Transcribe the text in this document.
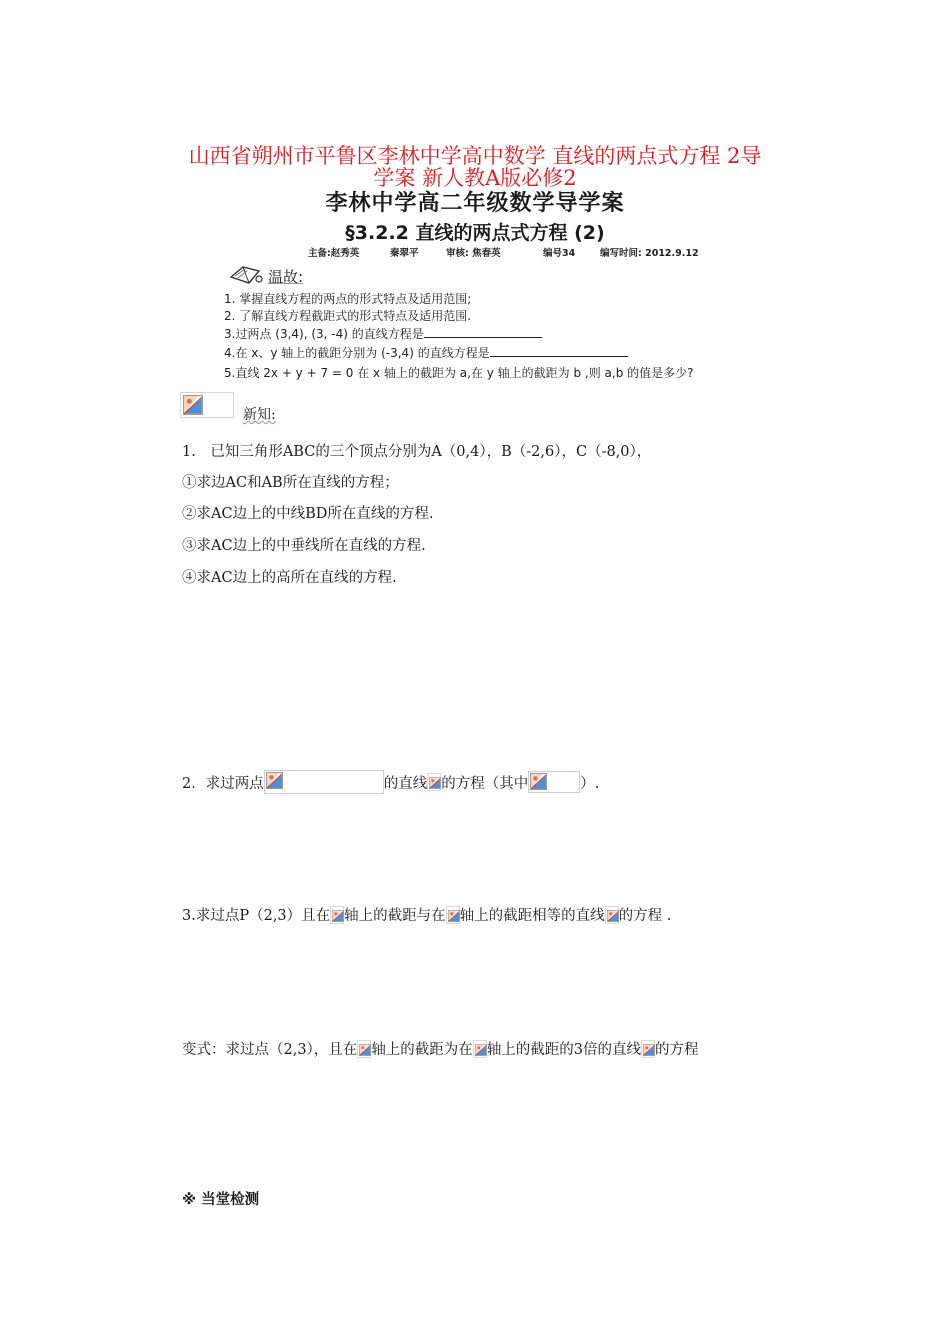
山西省朔州市平鲁区李林中学高中数学 直线的两点式方程 2导
学案 新人教A版必修2
李林中学高二年级数学导学案
§3.2.2 直线的两点式方程 (2)
主备:赵秀英	秦翠平	审核: 焦春英	编号34	编写时间: 2012.9.12
温故:
1. 掌握直线方程的两点的形式特点及适用范围;
2. 了解直线方程截距式的形式特点及适用范围.
3.过两点 (3,4), (3, -4) 的直线方程是
4.在 x、y 轴上的截距分别为 (-3,4) 的直线方程是
5.直线 2x + y + 7 = 0 在 x 轴上的截距为 a,在 y 轴上的截距为 b ,则 a,b 的值是多少?
新知:
1.　已知三角形ABC的三个顶点分别为A（0,4），B（-2,6），C（-8,0），
①求边AC和AB所在直线的方程；
②求AC边上的中线BD所在直线的方程.
③求AC边上的中垂线所在直线的方程.
④求AC边上的高所在直线的方程.
2．求过两点	的直线 的方程（其中	）.
3.求过点P（2,3）且在 轴上的截距与在 轴上的截距相等的直线 的方程 .
变式：求过点（2,3），且在 轴上的截距为在 轴上的截距的3倍的直线 的方程
※ 当堂检测
